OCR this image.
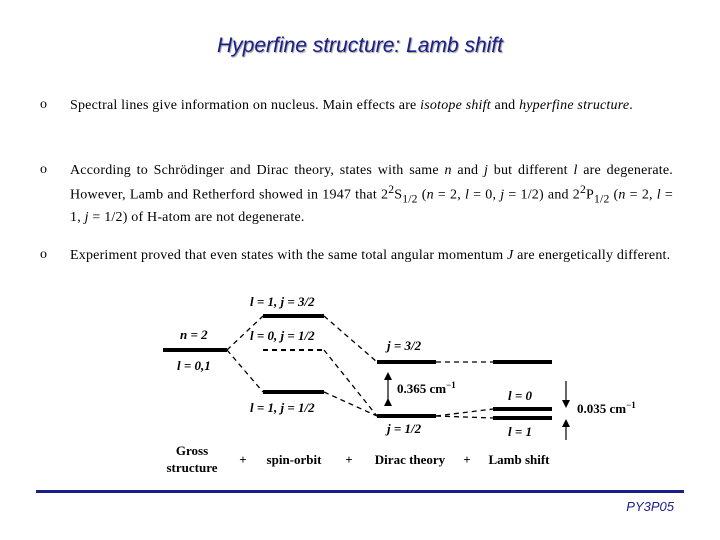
Hyperfine structure: Lamb shift
o Spectral lines give information on nucleus. Main effects are isotope shift and hyperfine structure.
o According to Schrödinger and Dirac theory, states with same n and j but different l are degenerate. However, Lamb and Retherford showed in 1947 that $2^2S_{1/2}$ (n = 2, l = 0, j = 1/2) and $2^2P_{1/2}$ (n = 2, l = 1, j = 1/2) of H-atom are not degenerate.
o Experiment proved that even states with the same total angular momentum J are energetically different.
n = 2
l = 0,1
l = 1, j = 3/2
l = 0, j = 1/2
l = 1, j = 1/2
j = 3/2
j = 1/2
0.365 $cm^{-1}$
l = 0
l = 1
0.035 $cm^{-1}$
Gross
structure
+ spin-orbit + Dirac theory + Lamb shift
PY3P05
